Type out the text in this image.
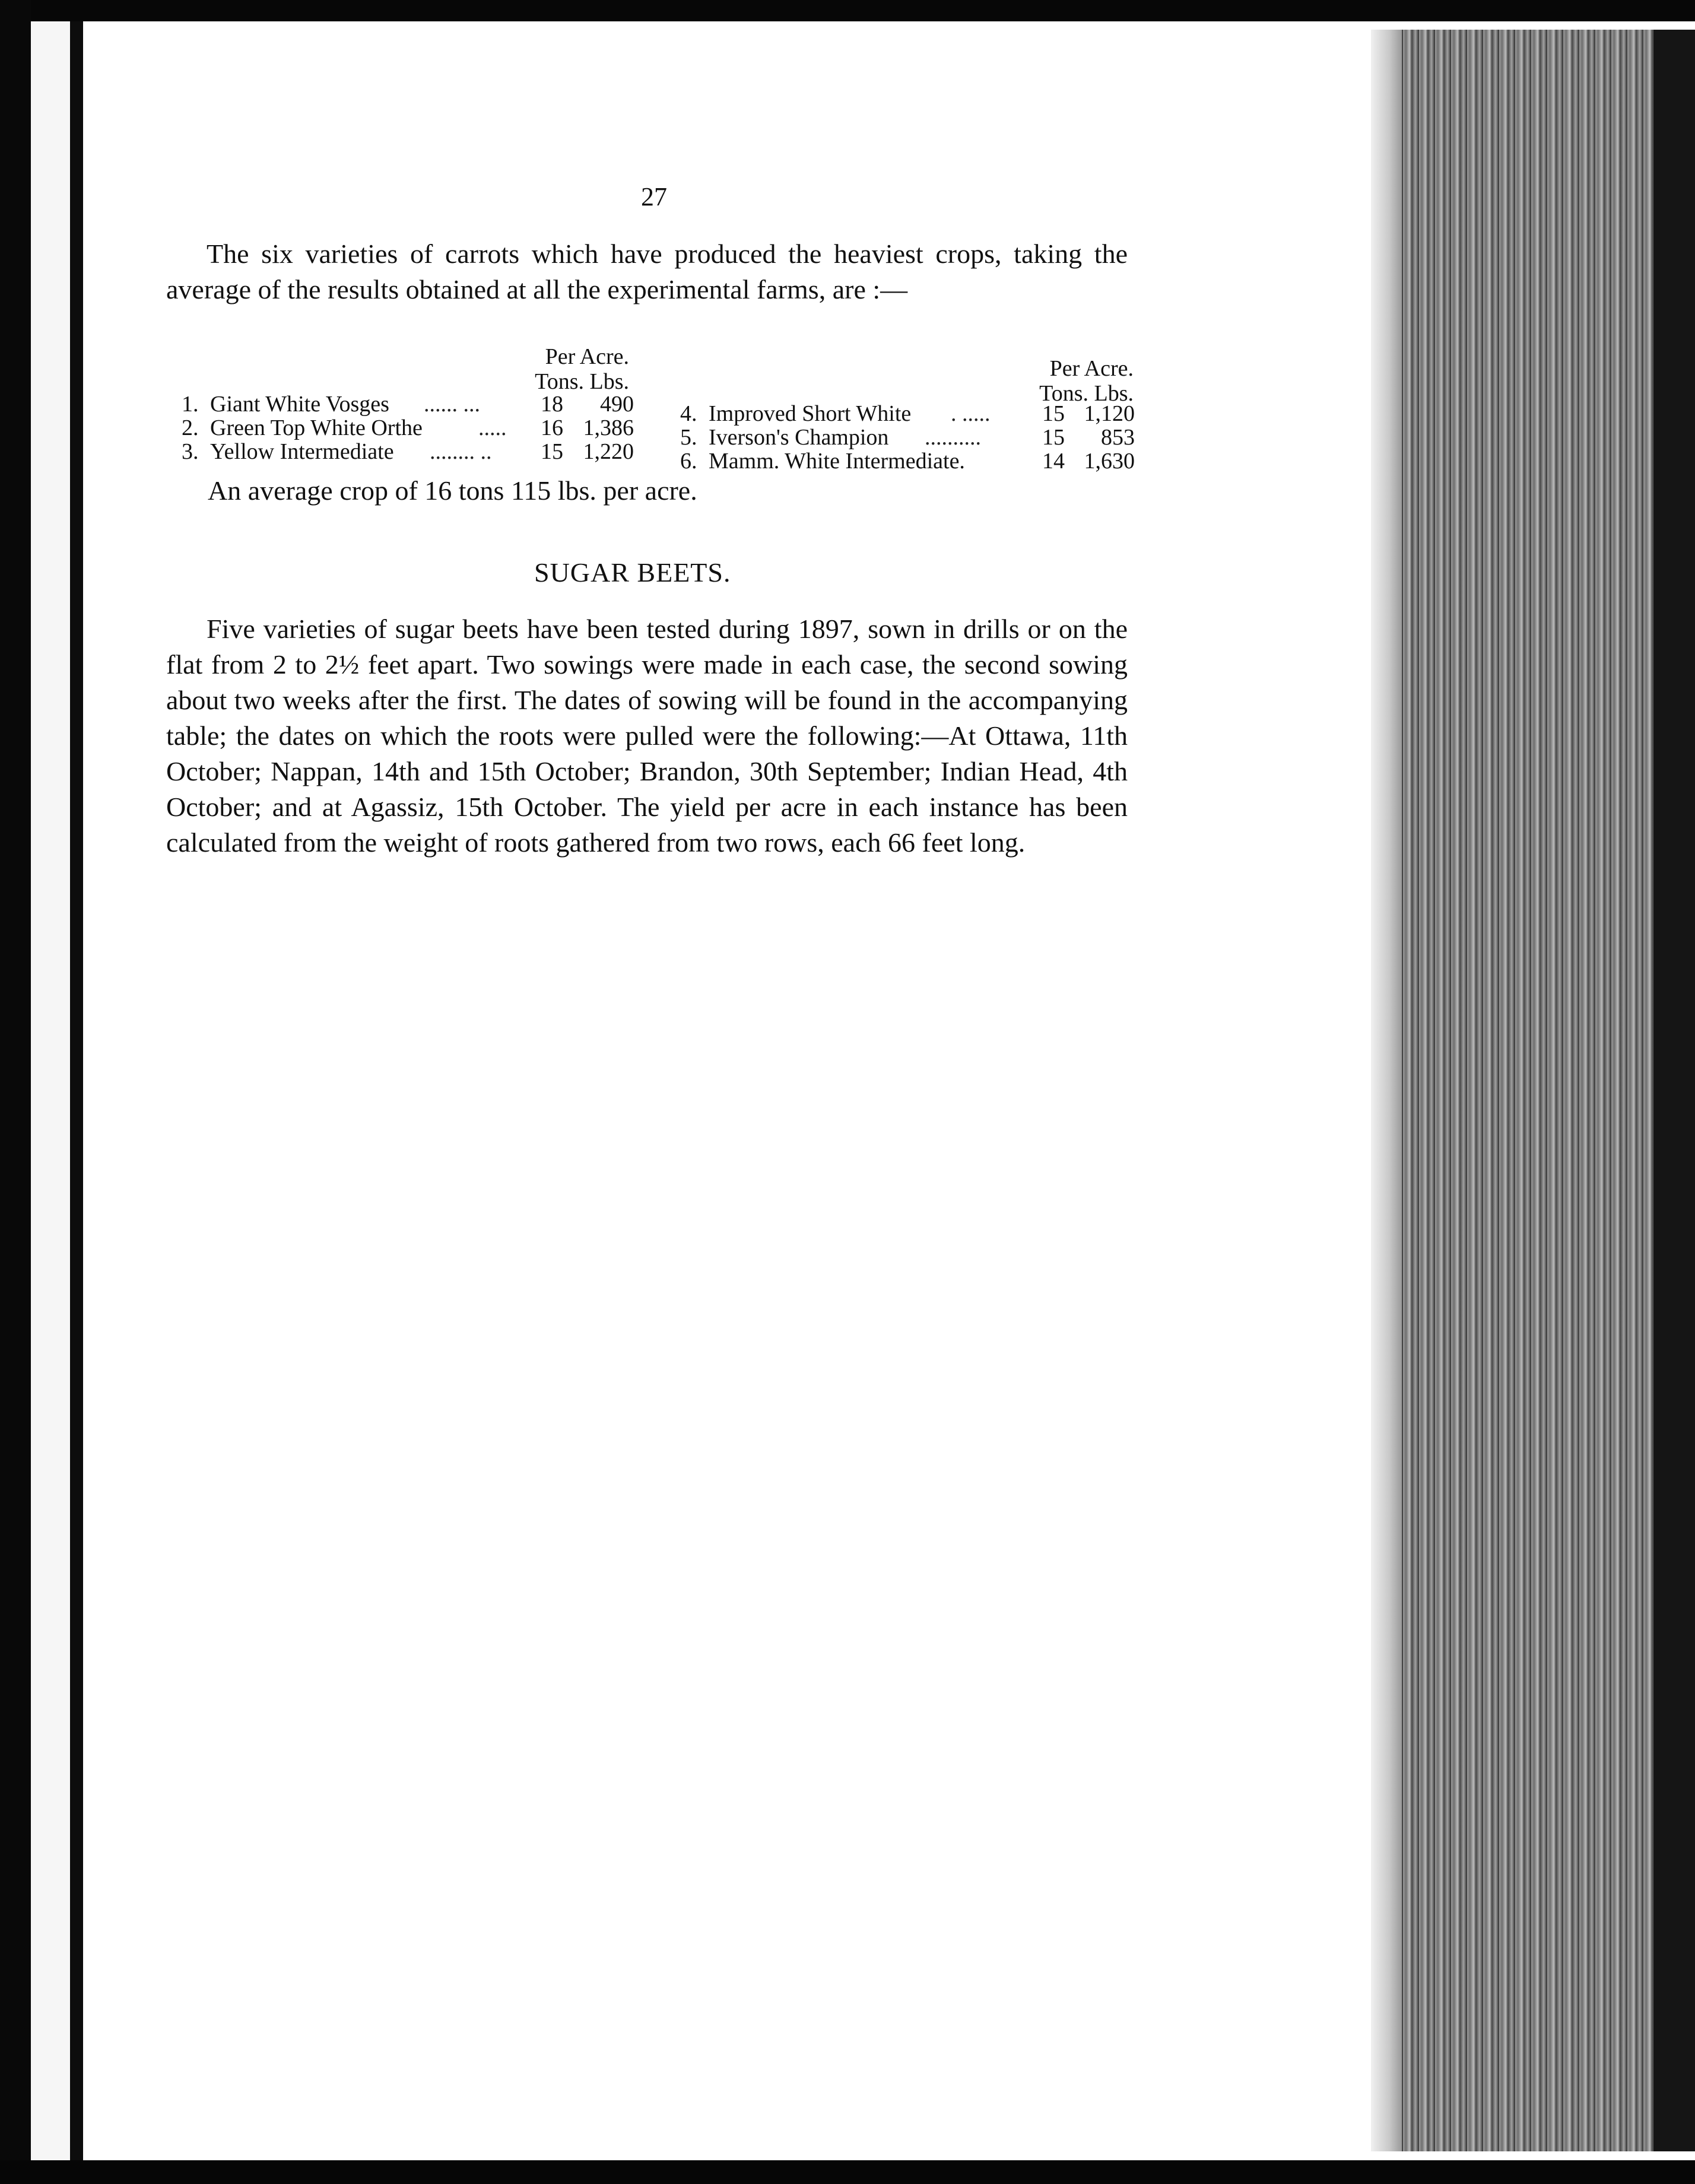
27

The six varieties of carrots which have produced the heaviest crops, taking the average of the results obtained at all the experimental farms, are :—

Per Acre.
Tons. Lbs.
1. Giant White Vosges ...... ...	18	490
2. Green Top White Orthe .....	16 1,386
3. Yellow Intermediate ........ ..	15 1,220
Per Acre.
Tons. Lbs.
4. Improved Short White . .....	15 1,120
5. Iverson's Champion ..........	15	853
6. Mamm. White Intermediate.	14 1,630
An average crop of 16 tons 115 lbs. per acre.
SUGAR BEETS.

Five varieties of sugar beets have been tested during 1897, sown in drills or on the flat from 2 to 2½ feet apart. Two sowings were made in each case, the second sowing about two weeks after the first. The dates of sowing will be found in the accompanying table; the dates on which the roots were pulled were the following:—At Ottawa, 11th October; Nappan, 14th and 15th October; Brandon, 30th September; Indian Head, 4th October; and at Agassiz, 15th October. The yield per acre in each instance has been calculated from the weight of roots gathered from two rows, each 66 feet long.
